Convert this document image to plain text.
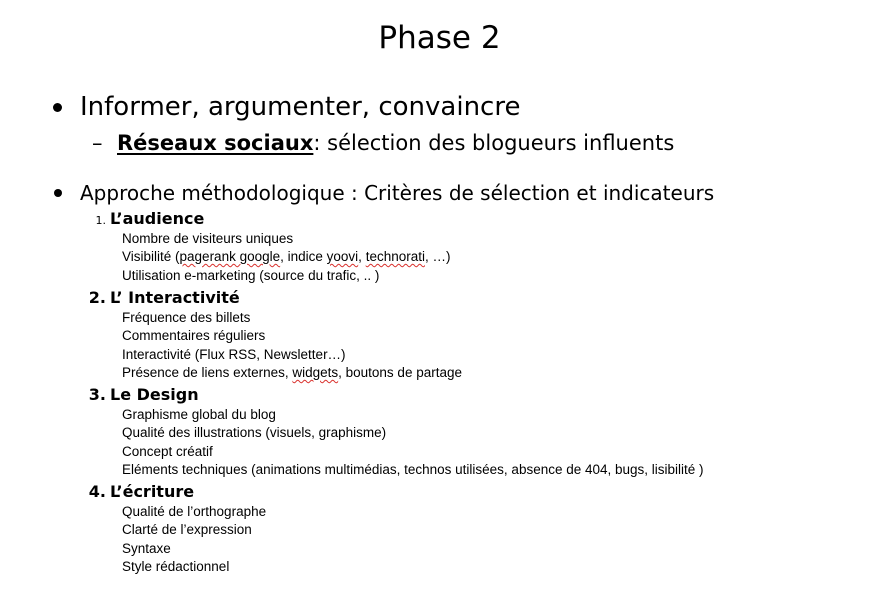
Phase 2
Informer, argumenter, convaincre
– Réseaux sociaux: sélection des blogueurs influents
Approche méthodologique : Critères de sélection et indicateurs
1. L’audience
Nombre de visiteurs uniques
Visibilité (pagerank google, indice yoovi, technorati, …)
Utilisation e-marketing (source du trafic, .. )
2. L’ Interactivité
Fréquence des billets
Commentaires réguliers
Interactivité (Flux RSS, Newsletter…)
Présence de liens externes, widgets, boutons de partage
3. Le Design
Graphisme global du blog
Qualité des illustrations (visuels, graphisme)
Concept créatif
Eléments techniques (animations multimédias, technos utilisées, absence de 404, bugs, lisibilité )
4. L’écriture
Qualité de l’orthographe
Clarté de l’expression
Syntaxe
Style rédactionnel
